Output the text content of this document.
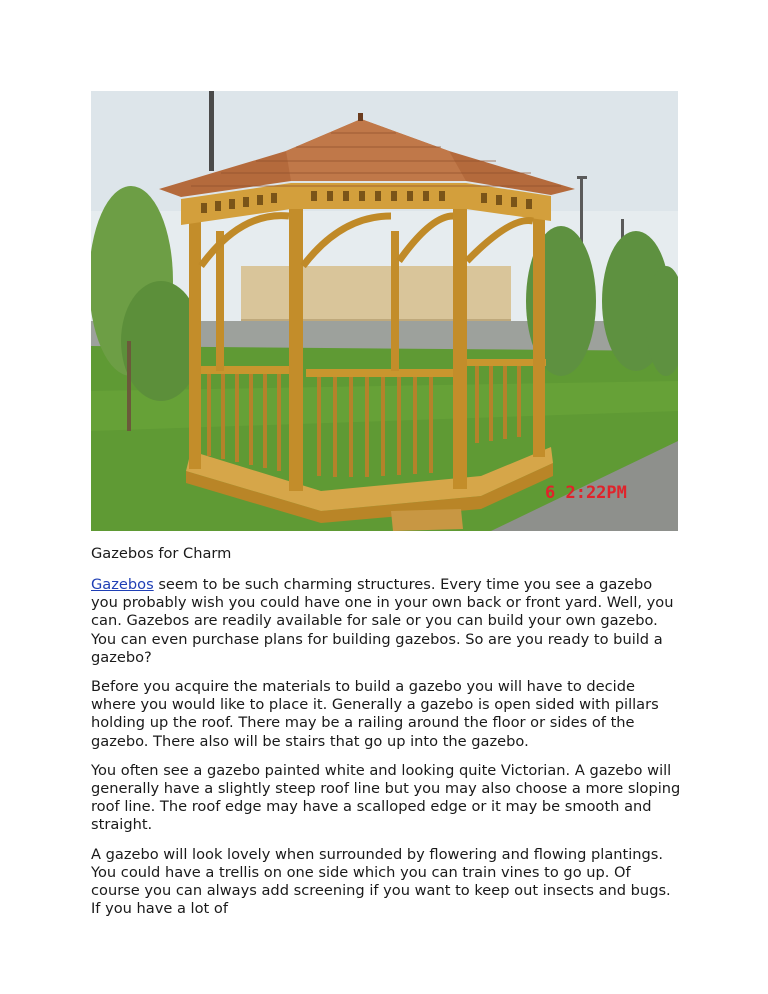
6 2:22PM
Gazebos for Charm

Gazebos seem to be such charming structures. Every time you see a gazebo you probably wish you could have one in your own back or front yard. Well, you can. Gazebos are readily available for sale or you can build your own gazebo. You can even purchase plans for building gazebos. So are you ready to build a gazebo?

Before you acquire the materials to build a gazebo you will have to decide where you would like to place it. Generally a gazebo is open sided with pillars holding up the roof. There may be a railing around the floor or sides of the gazebo. There also will be stairs that go up into the gazebo.

You often see a gazebo painted white and looking quite Victorian. A gazebo will generally have a slightly steep roof line but you may also choose a more sloping roof line. The roof edge may have a scalloped edge or it may be smooth and straight.

A gazebo will look lovely when surrounded by flowering and flowing plantings. You could have a trellis on one side which you can train vines to go up. Of course you can always add screening if you want to keep out insects and bugs. If you have a lot of
